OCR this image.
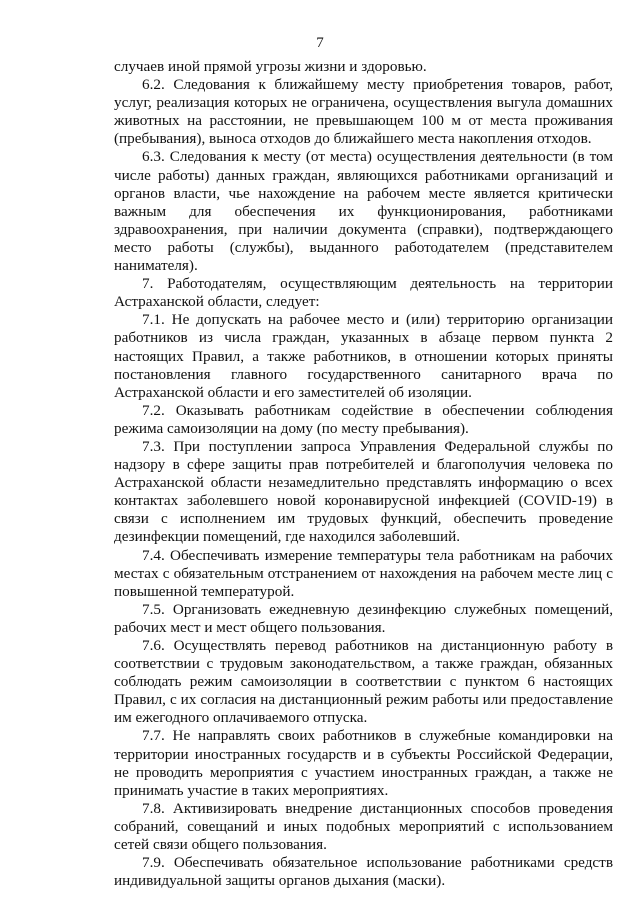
7

случаев иной прямой угрозы жизни и здоровью.

6.2. Следования к ближайшему месту приобретения товаров, работ, услуг, реализация которых не ограничена, осуществления выгула домашних животных на расстоянии, не превышающем 100 м от места проживания (пребывания), выноса отходов до ближайшего места накопления отходов.

6.3. Следования к месту (от места) осуществления деятельности (в том числе работы) данных граждан, являющихся работниками организаций и органов власти, чье нахождение на рабочем месте является критически важным для обеспечения их функционирования, работниками здравоохранения, при наличии документа (справки), подтверждающего место работы (службы), выданного работодателем (представителем нанимателя).

7. Работодателям, осуществляющим деятельность на территории Астраханской области, следует:

7.1. Не допускать на рабочее место и (или) территорию организации работников из числа граждан, указанных в абзаце первом пункта 2 настоящих Правил, а также работников, в отношении которых приняты постановления главного государственного санитарного врача по Астраханской области и его заместителей об изоляции.

7.2. Оказывать работникам содействие в обеспечении соблюдения режима самоизоляции на дому (по месту пребывания).

7.3. При поступлении запроса Управления Федеральной службы по надзору в сфере защиты прав потребителей и благополучия человека по Астраханской области незамедлительно представлять информацию о всех контактах заболевшего новой коронавирусной инфекцией (COVID-19) в связи с исполнением им трудовых функций, обеспечить проведение дезинфекции помещений, где находился заболевший.

7.4. Обеспечивать измерение температуры тела работникам на рабочих местах с обязательным отстранением от нахождения на рабочем месте лиц с повышенной температурой.

7.5. Организовать ежедневную дезинфекцию служебных помещений, рабочих мест и мест общего пользования.

7.6. Осуществлять перевод работников на дистанционную работу в соответствии с трудовым законодательством, а также граждан, обязанных соблюдать режим самоизоляции в соответствии с пунктом 6 настоящих Правил, с их согласия на дистанционный режим работы или предоставление им ежегодного оплачиваемого отпуска.

7.7. Не направлять своих работников в служебные командировки на территории иностранных государств и в субъекты Российской Федерации, не проводить мероприятия с участием иностранных граждан, а также не принимать участие в таких мероприятиях.

7.8. Активизировать внедрение дистанционных способов проведения собраний, совещаний и иных подобных мероприятий с использованием сетей связи общего пользования.

7.9. Обеспечивать обязательное использование работниками средств индивидуальной защиты органов дыхания (маски).
